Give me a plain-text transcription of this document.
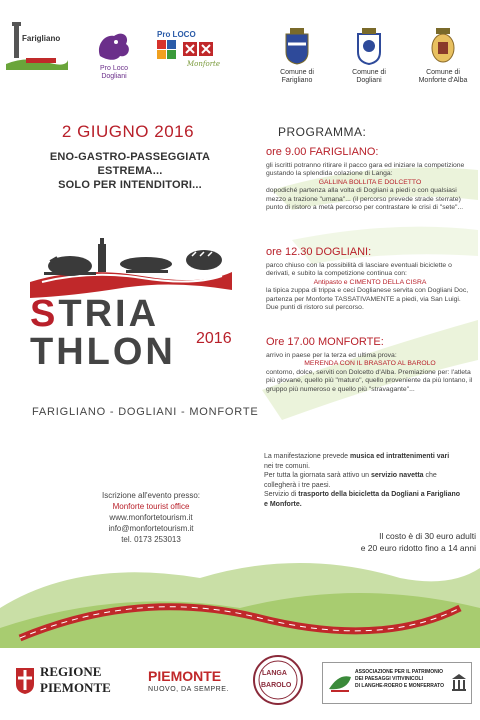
Farigliano
Pro Loco Dogliani
Pro LOCO
Monforte
Comune di
Farigliano
Comune di
Dogliani
Comune di
Monforte d'Alba
2 GIUGNO 2016
ENO-GASTRO-PASSEGGIATA ESTREMA...
SOLO PER INTENDITORI...
STRIA
THLON 2016
FARIGLIANO - DOGLIANI - MONFORTE
Iscrizione all'evento presso:
Monforte tourist office
www.monfortetourism.it
info@monfortetourism.it
tel. 0173 253013
PROGRAMMA:
ore 9.00 FARIGLIANO:
gli iscritti potranno ritirare il pacco gara ed iniziare la competizione gustando la splendida colazione di Langa:
GALLINA BOLLITA E DOLCETTO
dopodiché partenza alla volta di Dogliani a piedi o con qualsiasi mezzo a trazione "umana"... (il percorso prevede strade sterrate) punto di ristoro a metà percorso per contrastare le crisi di "sete"...
ore 12.30 DOGLIANI:
parco chiuso con la possibilità di lasciare eventuali biciclette o derivati, e subito la competizione continua con:
Antipasto e CIMENTO DELLA CISRA
la tipica zuppa di trippa e ceci Doglianese servita con Dogliani Doc, partenza per Monforte TASSATIVAMENTE a piedi, via San Luigi. Due punti di ristoro sul percorso.
Ore 17.00 MONFORTE:
arrivo in paese per la terza ed ultima prova:
MERENDA CON IL BRASATO AL BAROLO
contorno, dolce, serviti con Dolcetto d'Alba. Premiazione per: l'atleta più giovane, quello più "maturo", quello proveniente da più lontano, il gruppo più numeroso e quello più "stravagante"...
La manifestazione prevede musica ed intrattenimenti vari
nei tre comuni.
Per tutta la giornata sarà attivo un servizio navetta che
collegherà i tre paesi.
Servizio di trasporto della bicicletta da Dogliani a Farigliano
e Monforte.
Il costo è di 30 euro adulti
e 20 euro ridotto fino a 14 anni
REGIONE
PIEMONTE
PIEMONTE
NUOVO, DA SEMPRE.
LANGA
BAROLO
ASSOCIAZIONE PER IL PATRIMONIO
DEI PAESAGGI VITIVINICOLI
DI LANGHE-ROERO E MONFERRATO
